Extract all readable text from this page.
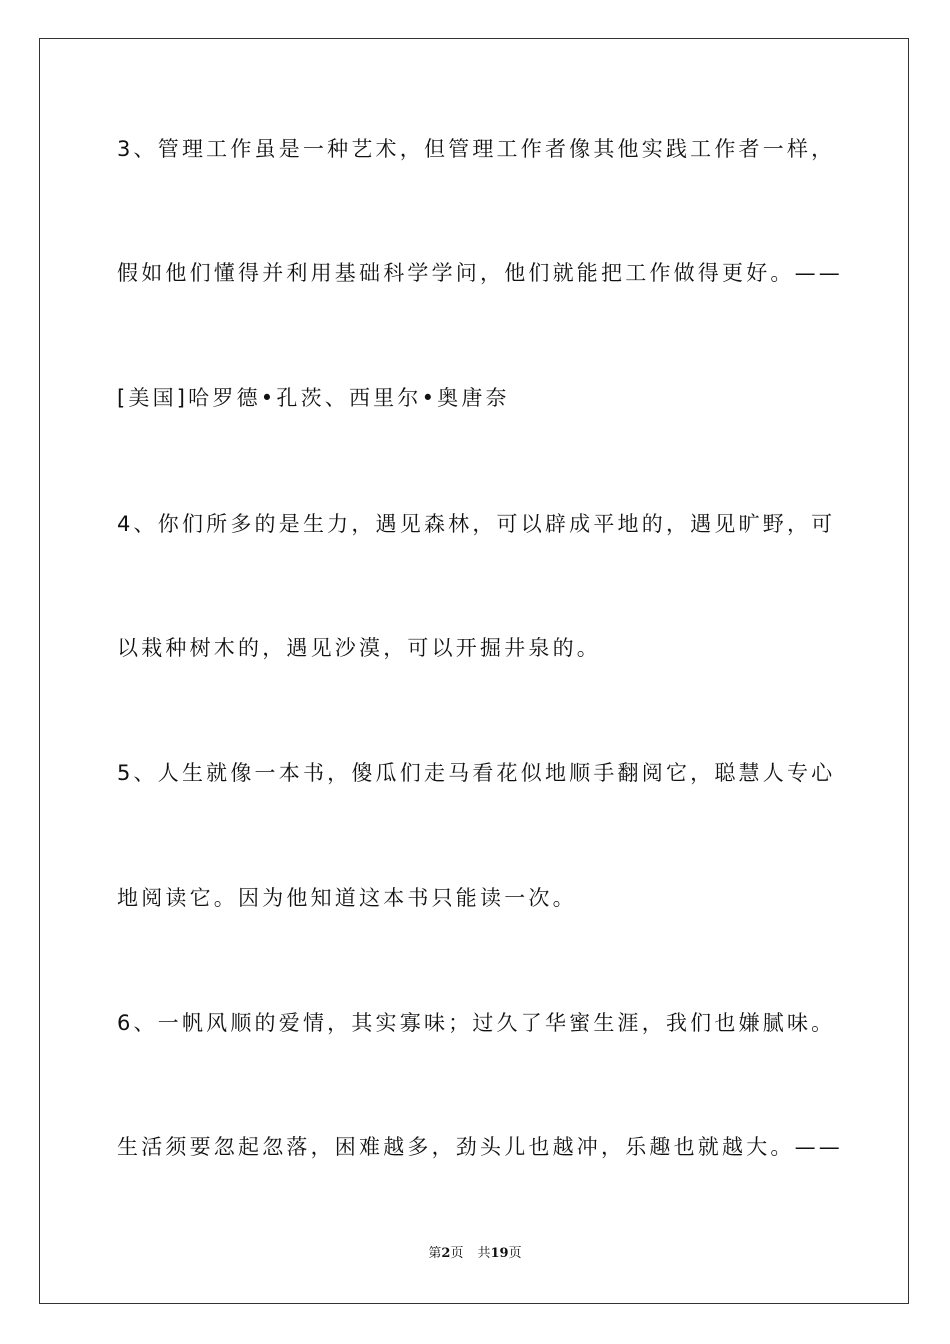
3、管理工作虽是一种艺术，但管理工作者像其他实践工作者一样，
假如他们懂得并利用基础科学学问，他们就能把工作做得更好。——
[美国]哈罗德•孔茨、西里尔•奥唐奈
4、你们所多的是生力，遇见森林，可以辟成平地的，遇见旷野，可
以栽种树木的，遇见沙漠，可以开掘井泉的。
5、人生就像一本书，傻瓜们走马看花似地顺手翻阅它，聪慧人专心
地阅读它。因为他知道这本书只能读一次。
6、一帆风顺的爱情，其实寡味；过久了华蜜生涯，我们也嫌腻味。
生活须要忽起忽落，困难越多，劲头儿也越冲，乐趣也就越大。——
第2页 共19页
